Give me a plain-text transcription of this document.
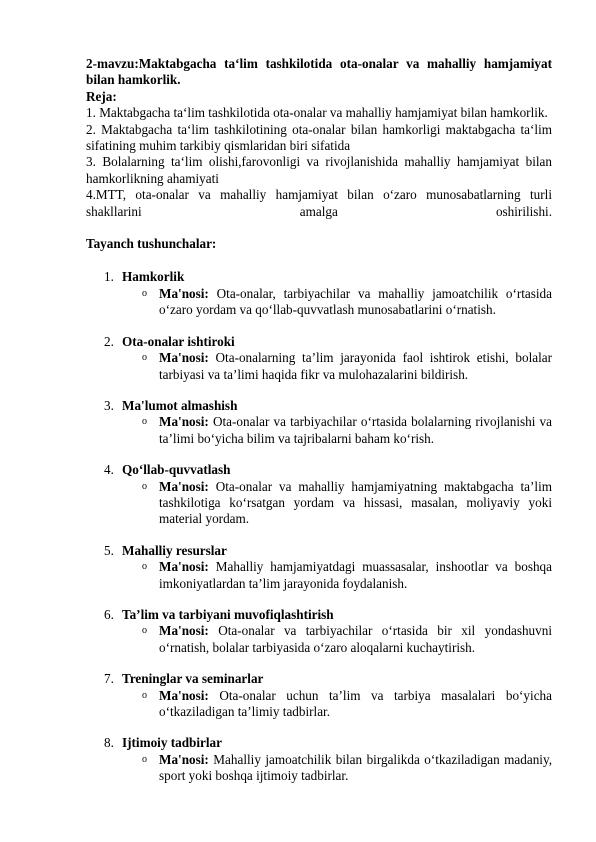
2-mavzu:Maktabgacha ta‘lim tashkilotida ota-onalar va mahalliy hamjamiyat bilan hamkorlik.

Reja:

1. Maktabgacha ta‘lim tashkilotida ota-onalar va mahalliy hamjamiyat bilan hamkorlik.

2. Maktabgacha ta‘lim tashkilotining ota-onalar bilan hamkorligi maktabgacha ta‘lim sifatining muhim tarkibiy qismlaridan biri sifatida

3. Bolalarning ta‘lim olishi,farovonligi va rivojlanishida mahalliy hamjamiyat bilan hamkorlikning ahamiyati

4.MTT, ota-onalar va mahalliy hamjamiyat bilan o‘zaro munosabatlarning turli shakllarini amalga oshirilishi.

Tayanch tushunchalar:

1. Hamkorlik
o Ma'nosi: Ota-onalar, tarbiyachilar va mahalliy jamoatchilik o‘rtasida o‘zaro yordam va qo‘llab-quvvatlash munosabatlarini o‘rnatish.
2. Ota-onalar ishtiroki
o Ma'nosi: Ota-onalarning ta’lim jarayonida faol ishtirok etishi, bolalar tarbiyasi va ta’limi haqida fikr va mulohazalarini bildirish.
3. Ma'lumot almashish
o Ma'nosi: Ota-onalar va tarbiyachilar o‘rtasida bolalarning rivojlanishi va ta’limi bo‘yicha bilim va tajribalarni baham ko‘rish.
4. Qo‘llab-quvvatlash
o Ma'nosi: Ota-onalar va mahalliy hamjamiyatning maktabgacha ta’lim tashkilotiga ko‘rsatgan yordam va hissasi, masalan, moliyaviy yoki material yordam.
5. Mahalliy resurslar
o Ma'nosi: Mahalliy hamjamiyatdagi muassasalar, inshootlar va boshqa imkoniyatlardan ta’lim jarayonida foydalanish.
6. Ta’lim va tarbiyani muvofiqlashtirish
o Ma'nosi: Ota-onalar va tarbiyachilar o‘rtasida bir xil yondashuvni o‘rnatish, bolalar tarbiyasida o‘zaro aloqalarni kuchaytirish.
7. Treninglar va seminarlar
o Ma'nosi: Ota-onalar uchun ta’lim va tarbiya masalalari bo‘yicha o‘tkaziladigan ta’limiy tadbirlar.
8. Ijtimoiy tadbirlar
o Ma'nosi: Mahalliy jamoatchilik bilan birgalikda o‘tkaziladigan madaniy, sport yoki boshqa ijtimoiy tadbirlar.
